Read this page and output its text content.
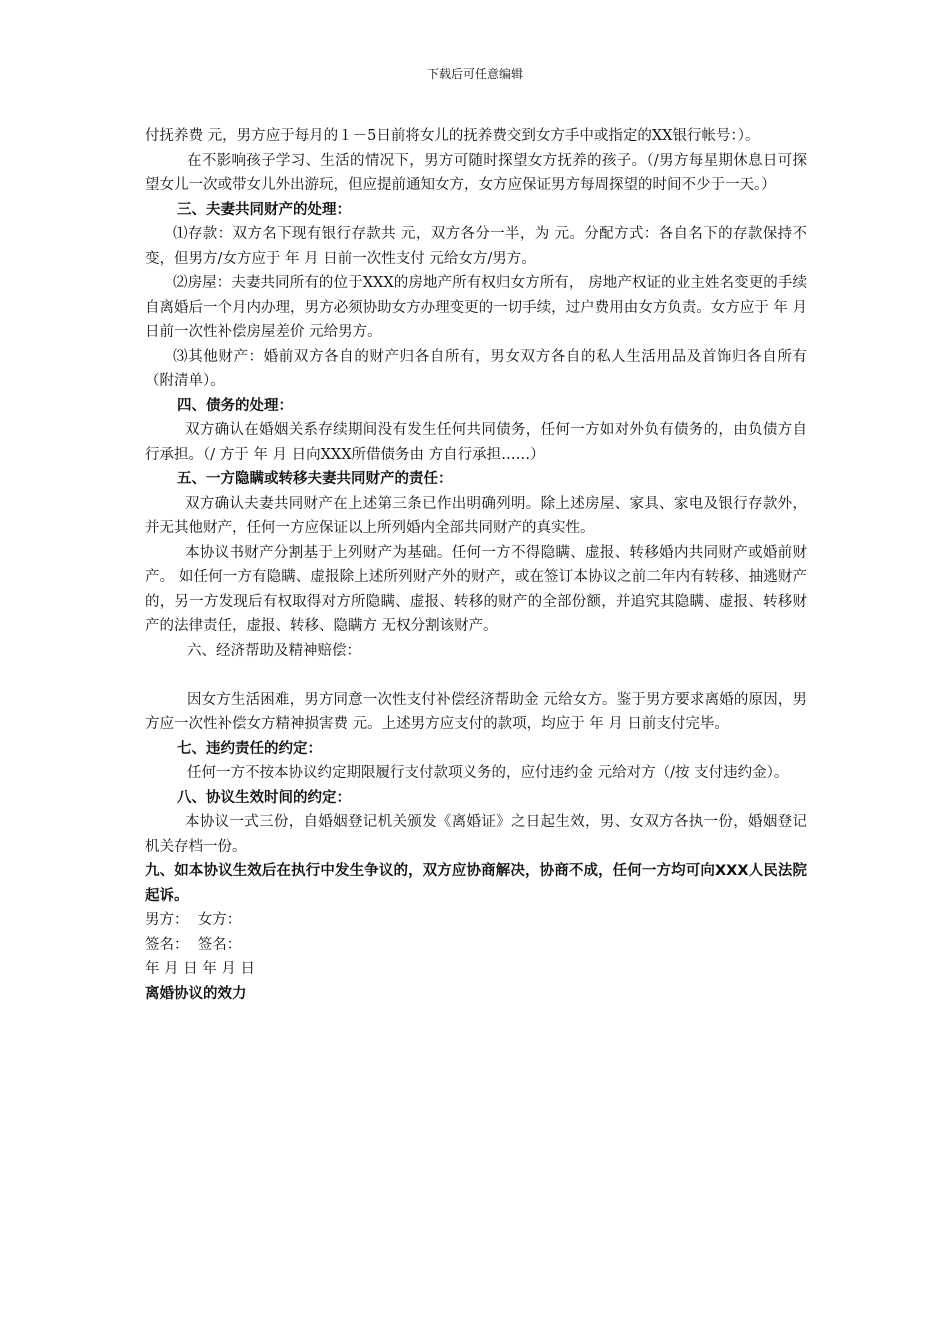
下载后可任意编辑

付抚养费 元，男方应于每月的１－5日前将女儿的抚养费交到女方手中或指定的XX银行帐号：）。

在不影响孩子学习、生活的情况下，男方可随时探望女方抚养的孩子。（/男方每星期休息日可探望女儿一次或带女儿外出游玩，但应提前通知女方，女方应保证男方每周探望的时间不少于一天。）

三、夫妻共同财产的处理：

⑴存款：双方名下现有银行存款共 元，双方各分一半，为 元。分配方式：各自名下的存款保持不变，但男方/女方应于 年 月 日前一次性支付 元给女方/男方。

⑵房屋：夫妻共同所有的位于XXX的房地产所有权归女方所有， 房地产权证的业主姓名变更的手续自离婚后一个月内办理，男方必须协助女方办理变更的一切手续，过户费用由女方负责。女方应于 年 月 日前一次性补偿房屋差价 元给男方。

⑶其他财产：婚前双方各自的财产归各自所有，男女双方各自的私人生活用品及首饰归各自所有（附清单）。

四、债务的处理：

双方确认在婚姻关系存续期间没有发生任何共同债务，任何一方如对外负有债务的，由负债方自行承担。（/ 方于 年 月 日向XXX所借债务由 方自行承担……）

五、一方隐瞒或转移夫妻共同财产的责任：

双方确认夫妻共同财产在上述第三条已作出明确列明。除上述房屋、家具、家电及银行存款外，并无其他财产，任何一方应保证以上所列婚内全部共同财产的真实性。

本协议书财产分割基于上列财产为基础。任何一方不得隐瞒、虚报、转移婚内共同财产或婚前财产。 如任何一方有隐瞒、虚报除上述所列财产外的财产，或在签订本协议之前二年内有转移、抽逃财产的，另一方发现后有权取得对方所隐瞒、虚报、转移的财产的全部份额，并追究其隐瞒、虚报、转移财产的法律责任，虚报、转移、隐瞒方 无权分割该财产。

六、经济帮助及精神赔偿：

因女方生活困难，男方同意一次性支付补偿经济帮助金 元给女方。鉴于男方要求离婚的原因，男方应一次性补偿女方精神损害费 元。上述男方应支付的款项，均应于 年 月 日前支付完毕。

七、违约责任的约定：

任何一方不按本协议约定期限履行支付款项义务的，应付违约金 元给对方（/按 支付违约金）。

八、协议生效时间的约定：

本协议一式三份，自婚姻登记机关颁发《离婚证》之日起生效，男、女双方各执一份，婚姻登记机关存档一份。

九、如本协议生效后在执行中发生争议的，双方应协商解决，协商不成，任何一方均可向XXX人民法院起诉。

男方：  女方：

签名：  签名：

年 月 日 年 月 日

离婚协议的效力
